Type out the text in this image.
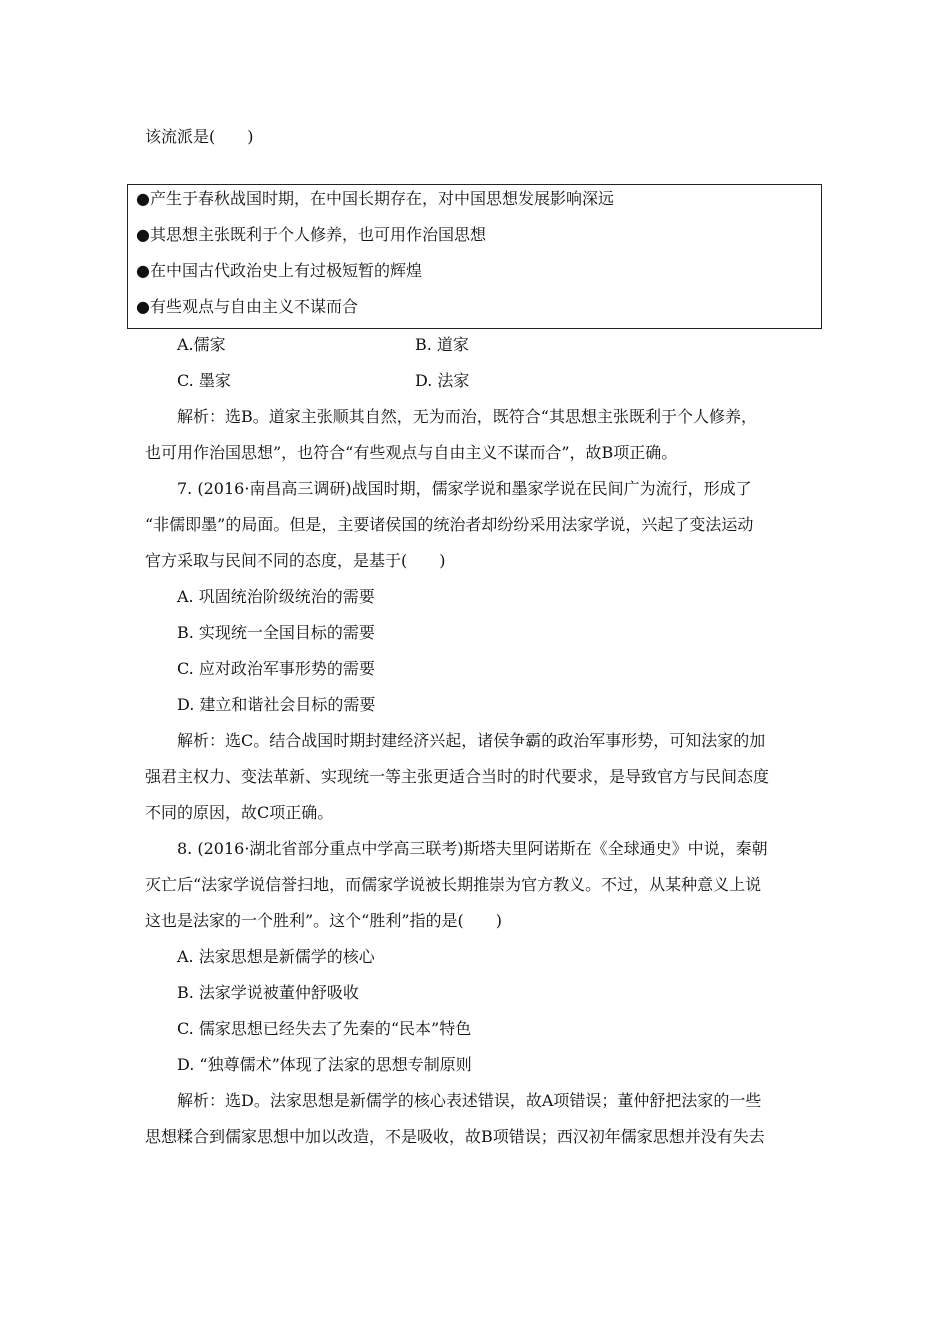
该流派是(　　)
●产生于春秋战国时期，在中国长期存在，对中国思想发展影响深远
●其思想主张既利于个人修养，也可用作治国思想
●在中国古代政治史上有过极短暂的辉煌
●有些观点与自由主义不谋而合
A.儒家	B. 道家
C. 墨家	D. 法家
解析：选B。道家主张顺其自然，无为而治，既符合“其思想主张既利于个人修养，
也可用作治国思想”，也符合“有些观点与自由主义不谋而合”，故B项正确。
7. (2016·南昌高三调研)战国时期，儒家学说和墨家学说在民间广为流行，形成了
“非儒即墨”的局面。但是，主要诸侯国的统治者却纷纷采用法家学说，兴起了变法运动
官方采取与民间不同的态度，是基于(　　)
A. 巩固统治阶级统治的需要
B. 实现统一全国目标的需要
C. 应对政治军事形势的需要
D. 建立和谐社会目标的需要
解析：选C。结合战国时期封建经济兴起，诸侯争霸的政治军事形势，可知法家的加
强君主权力、变法革新、实现统一等主张更适合当时的时代要求，是导致官方与民间态度
不同的原因，故C项正确。
8. (2016·湖北省部分重点中学高三联考)斯塔夫里阿诺斯在《全球通史》中说，秦朝
灭亡后“法家学说信誉扫地，而儒家学说被长期推崇为官方教义。不过，从某种意义上说
这也是法家的一个胜利”。这个“胜利”指的是(　　)
A. 法家思想是新儒学的核心
B. 法家学说被董仲舒吸收
C. 儒家思想已经失去了先秦的“民本”特色
D. “独尊儒术”体现了法家的思想专制原则
解析：选D。法家思想是新儒学的核心表述错误，故A项错误；董仲舒把法家的一些
思想糅合到儒家思想中加以改造，不是吸收，故B项错误；西汉初年儒家思想并没有失去
